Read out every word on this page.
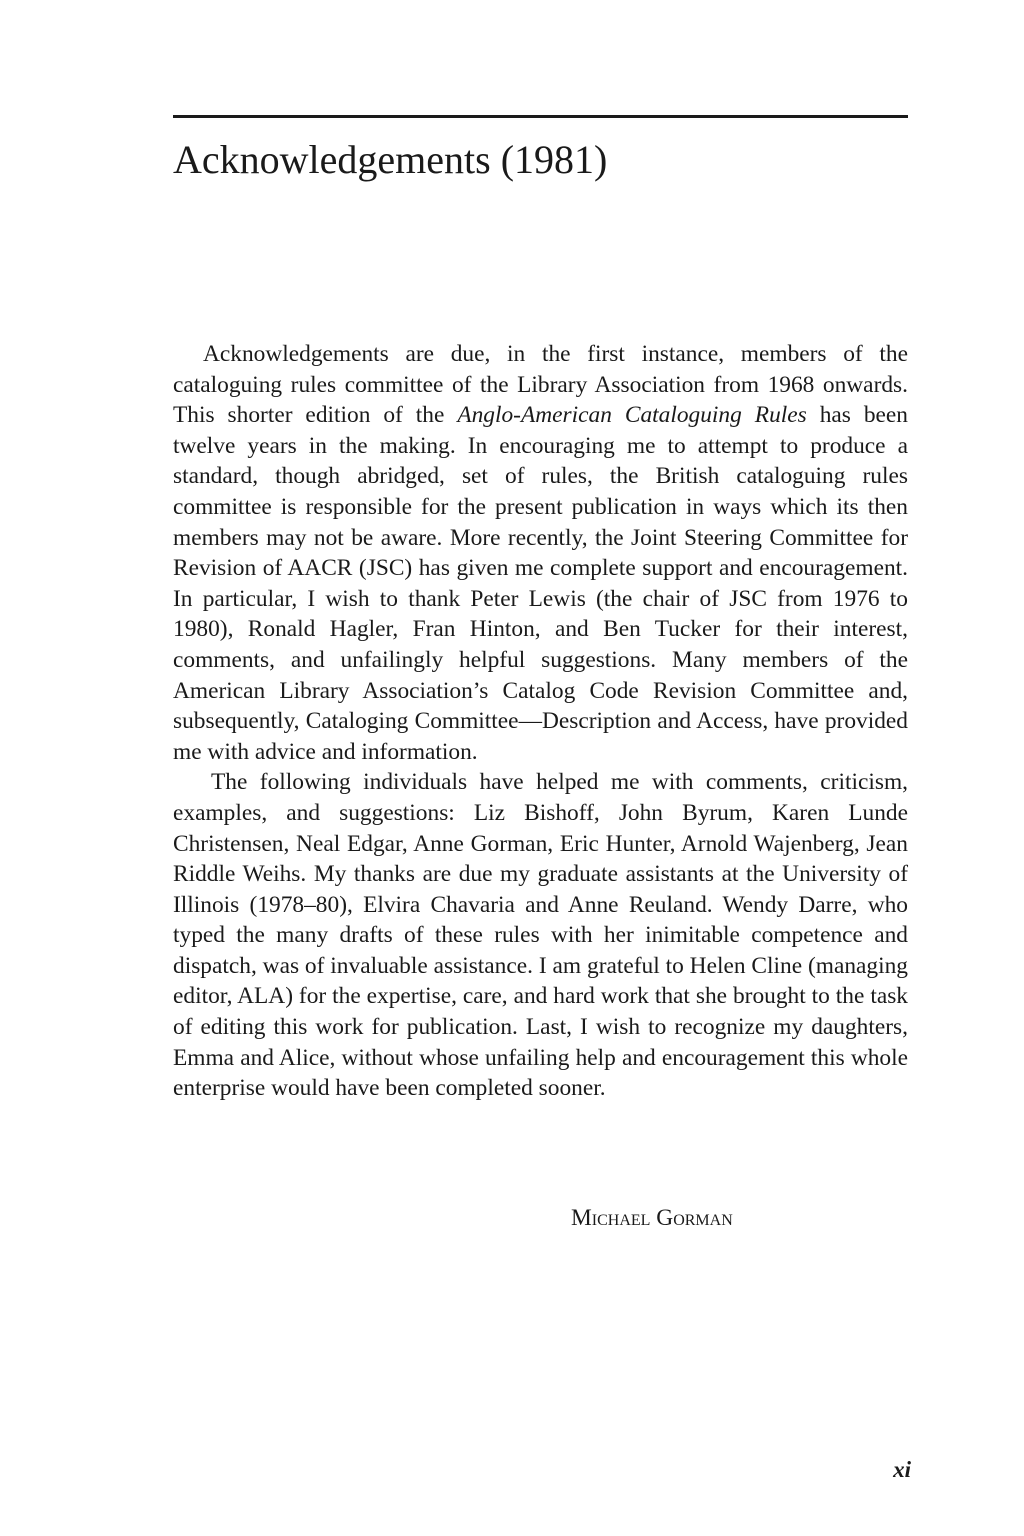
Acknowledgements (1981)

Acknowledgements are due, in the first instance, members of the cataloguing rules committee of the Library Association from 1968 onwards. This shorter edition of the Anglo-American Cataloguing Rules has been twelve years in the making. In encouraging me to attempt to produce a standard, though abridged, set of rules, the British cataloguing rules committee is responsible for the present publication in ways which its then members may not be aware. More recently, the Joint Steering Committee for Revision of AACR (JSC) has given me complete support and encouragement. In particular, I wish to thank Peter Lewis (the chair of JSC from 1976 to 1980), Ronald Hagler, Fran Hinton, and Ben Tucker for their interest, comments, and unfailingly helpful suggestions. Many members of the American Library Association’s Catalog Code Revision Committee and, subsequently, Cataloging Committee—Description and Access, have provided me with advice and information.

The following individuals have helped me with comments, criticism, examples, and suggestions: Liz Bishoff, John Byrum, Karen Lunde Christensen, Neal Edgar, Anne Gorman, Eric Hunter, Arnold Wajenberg, Jean Riddle Weihs. My thanks are due my graduate assistants at the University of Illinois (1978–80), Elvira Chavaria and Anne Reuland. Wendy Darre, who typed the many drafts of these rules with her inimitable competence and dispatch, was of invaluable assistance. I am grateful to Helen Cline (managing editor, ALA) for the expertise, care, and hard work that she brought to the task of editing this work for publication. Last, I wish to recognize my daughters, Emma and Alice, without whose unfailing help and encouragement this whole enterprise would have been completed sooner.

Michael Gorman
xi
